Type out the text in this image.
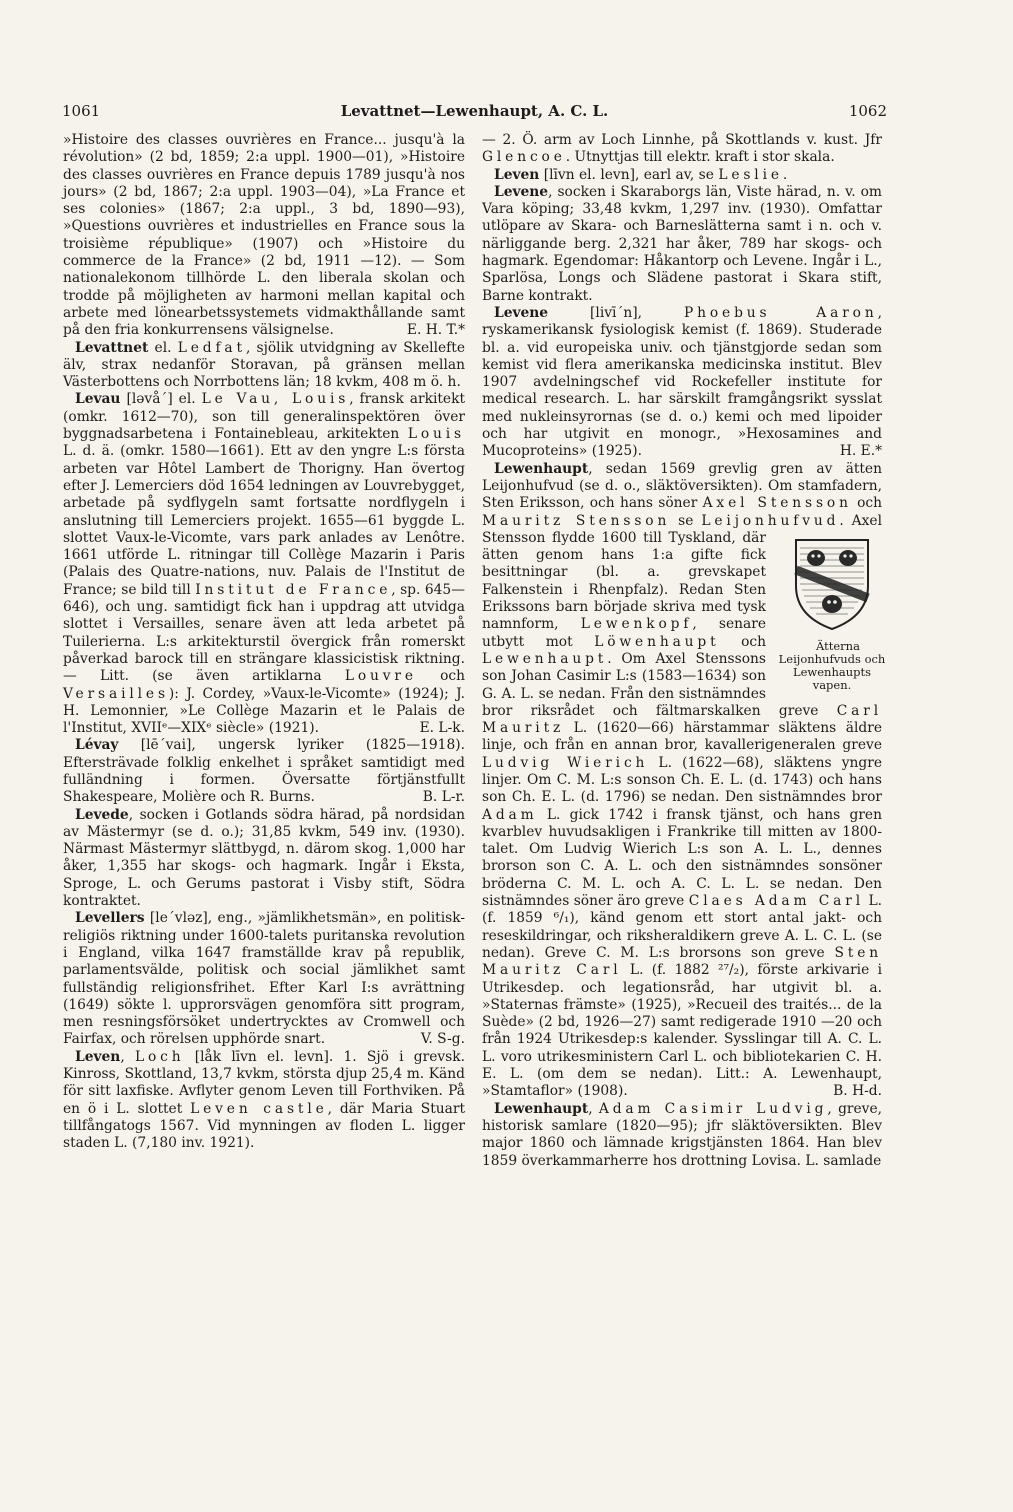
1061	Levattnet—Lewenhaupt, A. C. L.	1062

»Histoire des classes ouvrières en France... jusqu'à la révolution» (2 bd, 1859; 2:a uppl. 1900—01), »Histoire des classes ouvrières en France depuis 1789 jusqu'à nos jours» (2 bd, 1867; 2:a uppl. 1903—04), »La France et ses colonies» (1867; 2:a uppl., 3 bd, 1890—93), »Questions ouvrières et industrielles en France sous la troisième république» (1907) och »Histoire du commerce de la France» (2 bd, 1911 —12). — Som nationalekonom tillhörde L. den liberala skolan och trodde på möjligheten av harmoni mellan kapital och arbete med lönearbetssystemets vidmakthållande samt på den fria konkurrensens välsignelse.	E. H. T.*

Levattnet el. Ledfat, sjölik utvidgning av Skellefte älv, strax nedanför Storavan, på gränsen mellan Västerbottens och Norrbottens län; 18 kvkm, 408 m ö. h.

Levau [ləvå´] el. Le Vau, Louis, fransk arkitekt (omkr. 1612—70), son till generalinspektören över byggnadsarbetena i Fontainebleau, arkitekten Louis L. d. ä. (omkr. 1580—1661). Ett av den yngre L:s första arbeten var Hôtel Lambert de Thorigny. Han övertog efter J. Lemerciers död 1654 ledningen av Louvrebygget, arbetade på sydflygeln samt fortsatte nordflygeln i anslutning till Lemerciers projekt. 1655—61 byggde L. slottet Vaux-le-Vicomte, vars park anlades av Lenôtre. 1661 utförde L. ritningar till Collège Mazarin i Paris (Palais des Quatre-nations, nuv. Palais de l'Institut de France; se bild till Institut de France, sp. 645—646), och ung. samtidigt fick han i uppdrag att utvidga slottet i Versailles, senare även att leda arbetet på Tuilerierna. L:s arkitekturstil övergick från romerskt påverkad barock till en strängare klassicistisk riktning. — Litt. (se även artiklarna Louvre och Versailles): J. Cordey, »Vaux-le-Vicomte» (1924); J. H. Lemonnier, »Le Collège Mazarin et le Palais de l'Institut, XVIIᵉ—XIXᵉ siècle» (1921).	E. L-k.

Lévay [lē´vai], ungersk lyriker (1825—1918). Eftersträvade folklig enkelhet i språket samtidigt med fulländning i formen. Översatte förtjänstfullt Shakespeare, Molière och R. Burns.	B. L-r.

Levede, socken i Gotlands södra härad, på nordsidan av Mästermyr (se d. o.); 31,85 kvkm, 549 inv. (1930). Närmast Mästermyr slättbygd, n. därom skog. 1,000 har åker, 1,355 har skogs- och hagmark. Ingår i Eksta, Sproge, L. och Gerums pastorat i Visby stift, Södra kontraktet.

Levellers [le´vləz], eng., »jämlikhetsmän», en politisk-religiös riktning under 1600-talets puritanska revolution i England, vilka 1647 framställde krav på republik, parlamentsvälde, politisk och social jämlikhet samt fullständig religionsfrihet. Efter Karl I:s avrättning (1649) sökte l. upprorsvägen genomföra sitt program, men resningsförsöket undertrycktes av Cromwell och Fairfax, och rörelsen upphörde snart.	V. S-g.

Leven, Loch [låk līvn el. levn]. 1. Sjö i grevsk. Kinross, Skottland, 13,7 kvkm, största djup 25,4 m. Känd för sitt laxfiske. Avflyter genom Leven till Forthviken. På en ö i L. slottet Leven castle, där Maria Stuart tillfångatogs 1567. Vid mynningen av floden L. ligger staden L. (7,180 inv. 1921).

— 2. Ö. arm av Loch Linnhe, på Skottlands v. kust. Jfr Glencoe. Utnyttjas till elektr. kraft i stor skala.

Leven [līvn el. levn], earl av, se Leslie.

Levene, socken i Skaraborgs län, Viste härad, n. v. om Vara köping; 33,48 kvkm, 1,297 inv. (1930). Omfattar utlöpare av Skara- och Barneslätterna samt i n. och v. närliggande berg. 2,321 har åker, 789 har skogs- och hagmark. Egendomar: Håkantorp och Levene. Ingår i L., Sparlösa, Longs och Slädene pastorat i Skara stift, Barne kontrakt.

Levene [livī´n], Phoebus Aaron, ryskamerikansk fysiologisk kemist (f. 1869). Studerade bl. a. vid europeiska univ. och tjänstgjorde sedan som kemist vid flera amerikanska medicinska institut. Blev 1907 avdelningschef vid Rockefeller institute for medical research. L. har särskilt framgångsrikt sysslat med nukleinsyrornas (se d. o.) kemi och med lipoider och har utgivit en monogr., »Hexosamines and Mucoproteins» (1925).	H. E.*

Lewenhaupt, sedan 1569 grevlig gren av ätten Leijonhufvud (se d. o., släktöversikten). Om stamfadern, Sten Eriksson, och hans söner Axel Stensson och Mauritz Stensson se Leijonhufvud
Ätterna Leijonhufvuds och Lewenhaupts vapen.
. Axel Stensson flydde 1600 till Tyskland, där ätten genom hans 1:a gifte fick besittningar (bl. a. grevskapet Falkenstein i Rhenpfalz). Redan Sten Erikssons barn började skriva med tysk namnform, Lewenkopf, senare utbytt mot Löwenhaupt och Lewenhaupt. Om Axel Stenssons son Johan Casimir L:s (1583—1634) son G. A. L. se nedan. Från den sistnämndes bror riksrådet och fältmarskalken greve Carl Mauritz L. (1620—66) härstammar släktens äldre linje, och från en annan bror, kavallerigeneralen greve Ludvig Wierich L. (1622—68), släktens yngre linjer. Om C. M. L:s sonson Ch. E. L. (d. 1743) och hans son Ch. E. L. (d. 1796) se nedan. Den sistnämndes bror Adam L. gick 1742 i fransk tjänst, och hans gren kvarblev huvudsakligen i Frankrike till mitten av 1800-talet. Om Ludvig Wierich L:s son A. L. L., dennes brorson son C. A. L. och den sistnämndes sonsöner bröderna C. M. L. och A. C. L. L. se nedan. Den sistnämndes söner äro greve Claes Adam Carl L. (f. 1859 ⁶/₁), känd genom ett stort antal jakt- och reseskildringar, och riksheraldikern greve A. L. C. L. (se nedan). Greve C. M. L:s brorsons son greve Sten Mauritz Carl L. (f. 1882 ²⁷/₂), förste arkivarie i Utrikesdep. och legationsråd, har utgivit bl. a. »Staternas främste» (1925), »Recueil des traités... de la Suède» (2 bd, 1926—27) samt redigerade 1910 —20 och från 1924 Utrikesdep:s kalender. Sysslingar till A. C. L. L. voro utrikesministern Carl L. och bibliotekarien C. H. E. L. (om dem se nedan). Litt.: A. Lewenhaupt, »Stamtaflor» (1908).	B. H-d.

Lewenhaupt, Adam Casimir Ludvig, greve, historisk samlare (1820—95); jfr släktöversikten. Blev major 1860 och lämnade krigstjänsten 1864. Han blev 1859 överkammarherre hos drottning Lovisa. L. samlade
